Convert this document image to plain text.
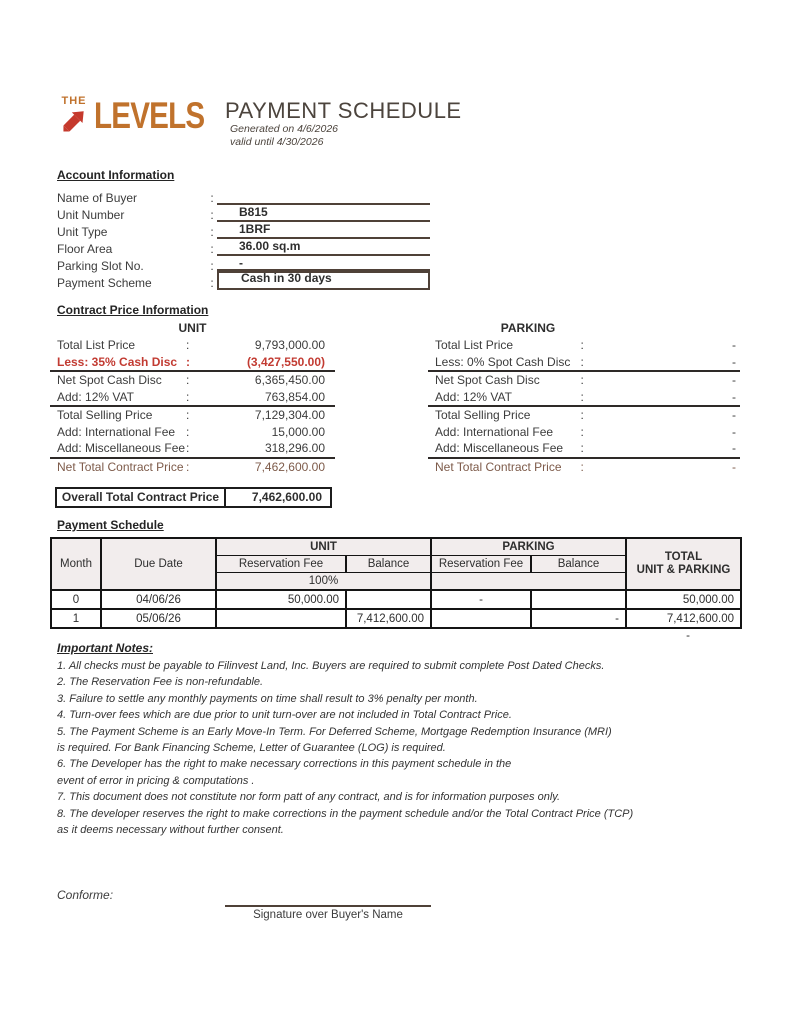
THE LEVELS PAYMENT SCHEDULE
Generated on 4/6/2026
valid until 4/30/2026
Account Information
Name of Buyer	:
Unit Number	:	B815
Unit Type	:	1BRF
Floor Area	:	36.00 sq.m
Parking Slot No.	:	-
Payment Scheme	:	Cash in 30 days
Contract Price Information
UNIT
Total List Price	:	9,793,000.00
Less: 35% Cash Disc :	(3,427,550.00)
Net Spot Cash Disc	:	6,365,450.00
Add: 12% VAT	:	763,854.00
Total Selling Price	:	7,129,304.00
Add: International Fee :	15,000.00
Add: Miscellaneous Fee :	318,296.00
Net Total Contract Price :	7,462,600.00
PARKING
Total List Price	:	-
Less: 0% Spot Cash Disc :	-
Net Spot Cash Disc	:	-
Add: 12% VAT	:	-
Total Selling Price	:	-
Add: International Fee	:	-
Add: Miscellaneous Fee	:	-
Net Total Contract Price	:	-
Overall Total Contract Price	7,462,600.00
Payment Schedule
Month	Due Date	UNIT		PARKING		TOTAL
UNIT & PARKING

		Reservation Fee	Balance	Reservation Fee	Balance	
		100%				
0	04/06/26	50,000.00		-		50,000.00
1	05/06/26		7,412,600.00		-	7,412,600.00
-
Important Notes:
1. All checks must be payable to Filinvest Land, Inc. Buyers are required to submit complete Post Dated Checks.
2. The Reservation Fee is non-refundable.
3. Failure to settle any monthly payments on time shall result to 3% penalty per month.
4. Turn-over fees which are due prior to unit turn-over are not included in Total Contract Price.
5. The Payment Scheme is an Early Move-In Term. For Deferred Scheme, Mortgage Redemption Insurance (MRI)
is required. For Bank Financing Scheme, Letter of Guarantee (LOG) is required.
6. The Developer has the right to make necessary corrections in this payment schedule in the
event of error in pricing & computations .
7. This document does not constitute nor form patt of any contract, and is for information purposes only.
8. The developer reserves the right to make corrections in the payment schedule and/or the Total Contract Price (TCP)
as it deems necessary without further consent.
Conforme:
Signature over Buyer's Name
